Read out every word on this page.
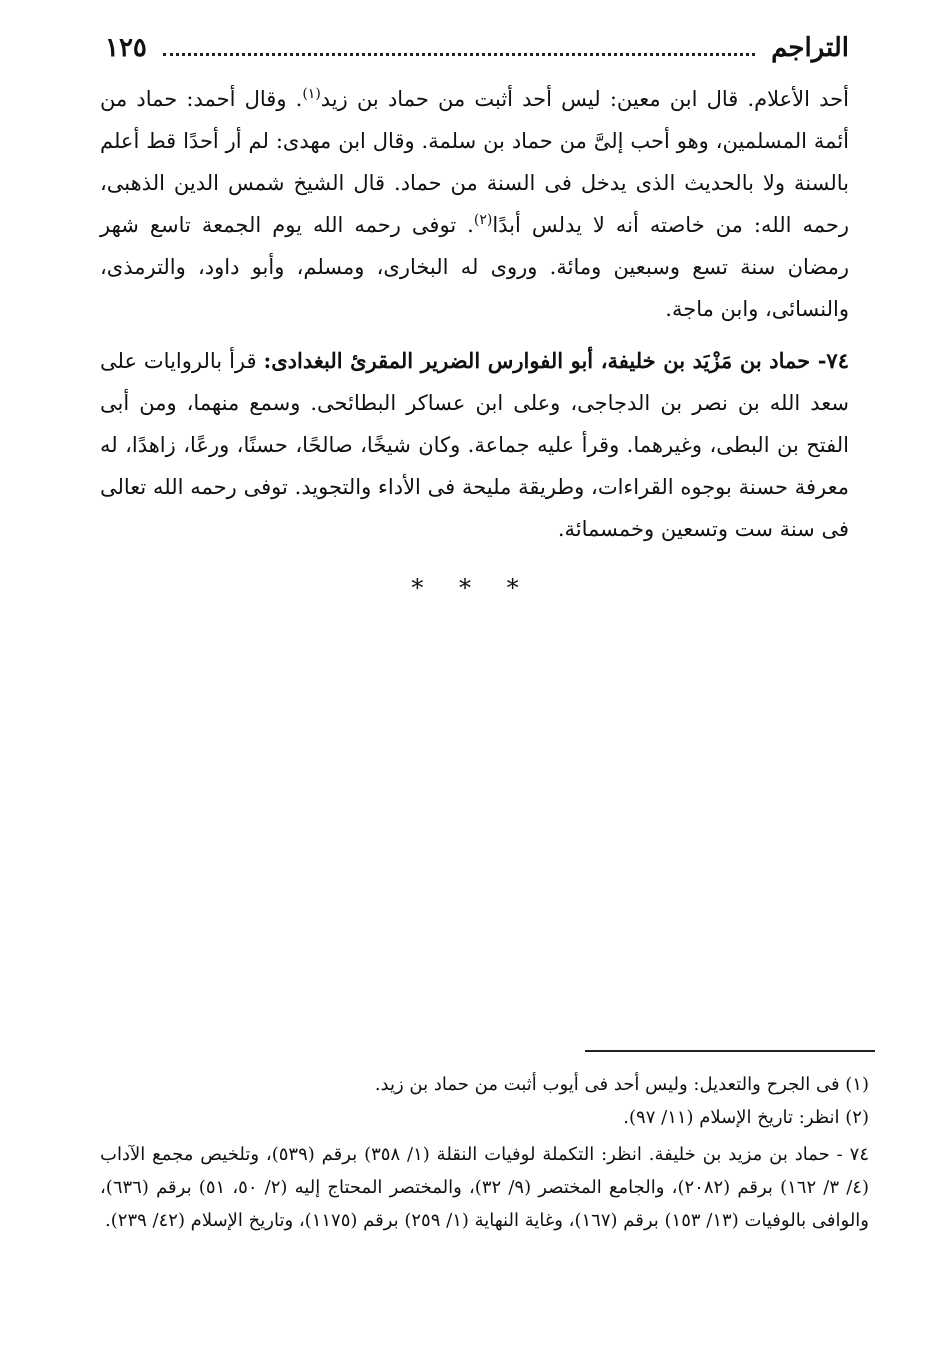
التراجم
١٢٥

أحد الأعلام. قال ابن معين: ليس أحد أثبت من حماد بن زيد$^{(١)}$. وقال أحمد: حماد من أئمة المسلمين، وهو أحب إلىَّ من حماد بن سلمة. وقال ابن مهدى: لم أر أحدًا قط أعلم بالسنة ولا بالحديث الذى يدخل فى السنة من حماد. قال الشيخ شمس الدين الذهبى، رحمه الله: من خاصته أنه لا يدلس أبدًا$^{(٢)}$. توفى رحمه الله يوم الجمعة تاسع شهر رمضان سنة تسع وسبعين ومائة. وروى له البخارى، ومسلم، وأبو داود، والترمذى، والنسائى، وابن ماجة.

٧٤- حماد بن مَزْيَد بن خليفة، أبو الفوارس الضرير المقرئ البغدادى: قرأ بالروايات على سعد الله بن نصر بن الدجاجى، وعلى ابن عساكر البطائحى. وسمع منهما، ومن أبى الفتح بن البطى، وغيرهما. وقرأ عليه جماعة. وكان شيخًا، صالحًا، حسنًا، ورعًا، زاهدًا، له معرفة حسنة بوجوه القراءات، وطريقة مليحة فى الأداء والتجويد. توفى رحمه الله تعالى فى سنة ست وتسعين وخمسمائة.

* * *

(١) فى الجرح والتعديل: وليس أحد فى أيوب أثبت من حماد بن زيد.

(٢) انظر: تاريخ الإسلام (١١/ ٩٧).

٧٤ - حماد بن مزيد بن خليفة. انظر: التكملة لوفيات النقلة (١/ ٣٥٨) برقم (٥٣٩)، وتلخيص مجمع الآداب (٤/ ٣/ ١٦٢) برقم (٢٠٨٢)، والجامع المختصر (٩/ ٣٢)، والمختصر المحتاج إليه (٢/ ٥٠، ٥١) برقم (٦٣٦)، والوافى بالوفيات (١٣/ ١٥٣) برقم (١٦٧)، وغاية النهاية (١/ ٢٥٩) برقم (١١٧٥)، وتاريخ الإسلام (٤٢/ ٢٣٩).
